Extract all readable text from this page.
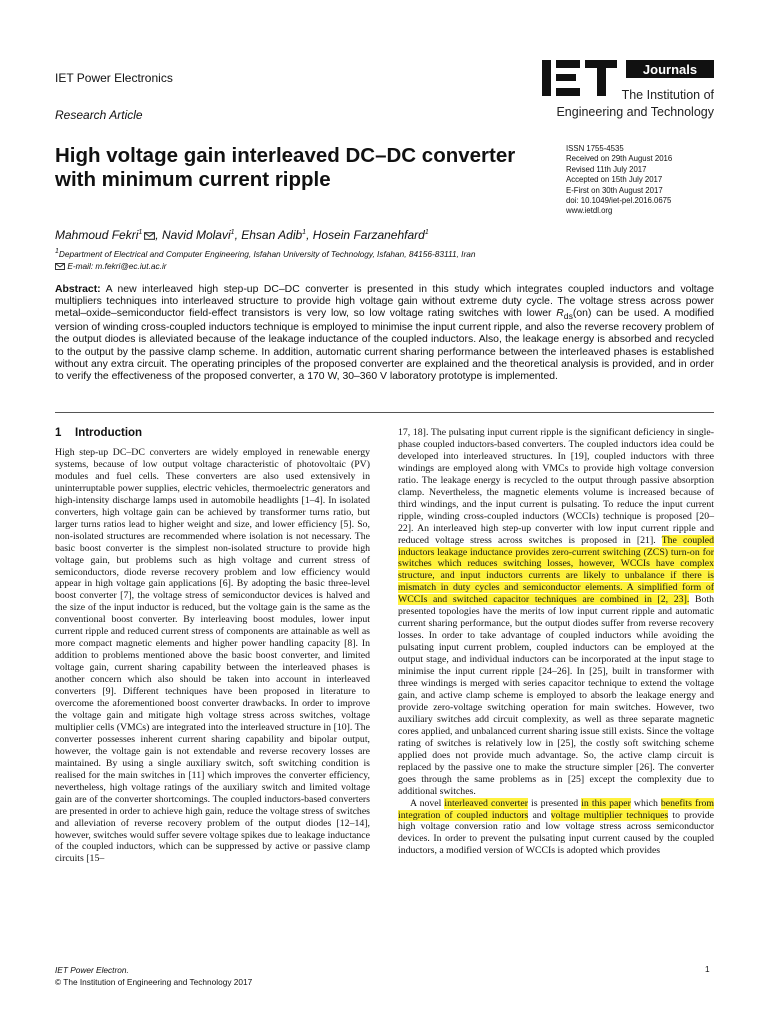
IET Power Electronics
Research Article
Journals
The Institution of
Engineering and Technology
High voltage gain interleaved DC–DC converter with minimum current ripple
ISSN 1755-4535
Received on 29th August 2016
Revised 11th July 2017
Accepted on 15th July 2017
E-First on 30th August 2017
doi: 10.1049/iet-pel.2016.0675
www.ietdl.org
Mahmoud Fekri$^1$ , Navid Molavi$^1$, Ehsan Adib$^1$, Hosein Farzanehfard$^1$
$^1$Department of Electrical and Computer Engineering, Isfahan University of Technology, Isfahan, 84156-83111, Iran
E-mail: m.fekri@ec.iut.ac.ir
Abstract: A new interleaved high step-up DC–DC converter is presented in this study which integrates coupled inductors and voltage multipliers techniques into interleaved structure to provide high voltage gain without extreme duty cycle. The voltage stress across power metal–oxide–semiconductor field-effect transistors is very low, so low voltage rating switches with lower $R_{ds}(on)$ can be used. A modified version of winding cross-coupled inductors technique is employed to minimise the input current ripple, and also the reverse recovery problem of the output diodes is alleviated because of the leakage inductance of the coupled inductors. Also, the leakage energy is absorbed and recycled to the output by the passive clamp scheme. In addition, automatic current sharing performance between the interleaved phases is established without any extra circuit. The operating principles of the proposed converter are explained and the theoretical analysis is provided, and in order to verify the effectiveness of the proposed converter, a 170 W, 30–360 V laboratory prototype is implemented.
1 Introduction

High step-up DC–DC converters are widely employed in renewable energy systems, because of low output voltage characteristic of photovoltaic (PV) modules and fuel cells. These converters are also used extensively in uninterruptable power supplies, electric vehicles, thermoelectric generators and high-intensity discharge lamps used in automobile headlights [1–4]. In isolated converters, high voltage gain can be achieved by transformer turns ratio, but larger turns ratios lead to higher weight and size, and lower efficiency [5]. So, non-isolated structures are recommended where isolation is not necessary. The basic boost converter is the simplest non-isolated structure to provide high voltage gain, but problems such as high voltage and current stress of semiconductors, diode reverse recovery problem and low efficiency would appear in high voltage gain applications [6]. By adopting the basic three-level boost converter [7], the voltage stress of semiconductor devices is halved and the size of the input inductor is reduced, but the voltage gain is the same as the conventional boost converter. By interleaving boost modules, lower input current ripple and reduced current stress of components are attainable as well as more compact magnetic elements and higher power handling capacity [8]. In addition to problems mentioned above the basic boost converter, and limited voltage gain, current sharing capability between the interleaved phases is another concern which also should be taken into account in interleaved converters [9]. Different techniques have been proposed in literature to overcome the aforementioned boost converter drawbacks. In order to improve the voltage gain and mitigate high voltage stress across switches, voltage multiplier cells (VMCs) are integrated into the interleaved structure in [10]. The converter possesses inherent current sharing capability and bipolar output, however, the voltage gain is not extendable and reverse recovery losses are maintained. By using a single auxiliary switch, soft switching condition is realised for the main switches in [11] which improves the converter efficiency, nevertheless, high voltage ratings of the auxiliary switch and limited voltage gain are of the converter shortcomings. The coupled inductors-based converters are presented in order to achieve high gain, reduce the voltage stress of switches and alleviation of reverse recovery problem of the output diodes [12–14], however, switches would suffer severe voltage spikes due to leakage inductance of the coupled inductors, which can be suppressed by active or passive clamp circuits [15–

17, 18]. The pulsating input current ripple is the significant deficiency in single-phase coupled inductors-based converters. The coupled inductors idea could be developed into interleaved structures. In [19], coupled inductors with three windings are employed along with VMCs to provide high voltage conversion ratio. The leakage energy is recycled to the output through passive absorption clamp. Nevertheless, the magnetic elements volume is increased because of third windings, and the input current is pulsating. To reduce the input current ripple, winding cross-coupled inductors (WCCIs) technique is proposed [20–22]. An interleaved high step-up converter with low input current ripple and reduced voltage stress across switches is proposed in [21]. The coupled inductors leakage inductance provides zero-current switching (ZCS) turn-on for switches which reduces switching losses, however, WCCIs have complex structure, and input inductors currents are likely to unbalance if there is mismatch in duty cycles and semiconductor elements. A simplified form of WCCIs and switched capacitor techniques are combined in [2, 23]. Both presented topologies have the merits of low input current ripple and automatic current sharing performance, but the output diodes suffer from reverse recovery losses. In order to take advantage of coupled inductors while avoiding the pulsating input current problem, coupled inductors can be employed at the output stage, and individual inductors can be incorporated at the input stage to minimise the input current ripple [24–26]. In [25], built in transformer with three windings is merged with series capacitor technique to extend the voltage gain, and active clamp scheme is employed to absorb the leakage energy and provide zero-voltage switching operation for main switches. However, two auxiliary switches add circuit complexity, as well as three separate magnetic cores applied, and unbalanced current sharing issue still exists. Since the voltage rating of switches is relatively low in [25], the costly soft switching scheme applied does not provide much advantage. So, the active clamp circuit is replaced by the passive one to make the structure simpler [26]. The converter goes through the same problems as in [25] except the complexity due to additional switches.

A novel interleaved converter is presented in this paper which benefits from integration of coupled inductors and voltage multiplier techniques to provide high voltage conversion ratio and low voltage stress across semiconductor devices. In order to prevent the pulsating input current caused by the coupled inductors, a modified version of WCCIs is adopted which provides

IET Power Electron.
© The Institution of Engineering and Technology 2017
1
